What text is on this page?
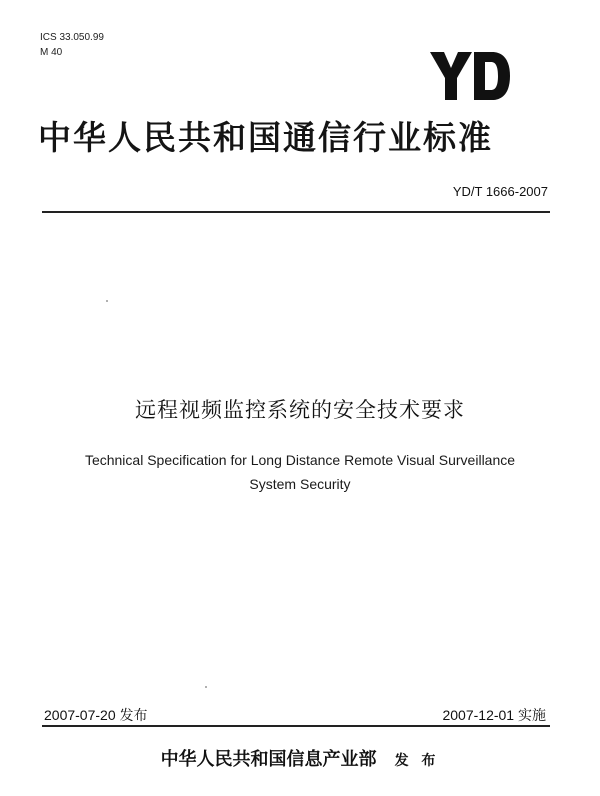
ICS 33.050.99
M 40
中华人民共和国通信行业标准
YD/T 1666-2007
远程视频监控系统的安全技术要求
Technical Specification for Long Distance Remote Visual Surveillance
System Security
2007-07-20 发布	2007-12-01 实施
中华人民共和国信息产业部 发 布
